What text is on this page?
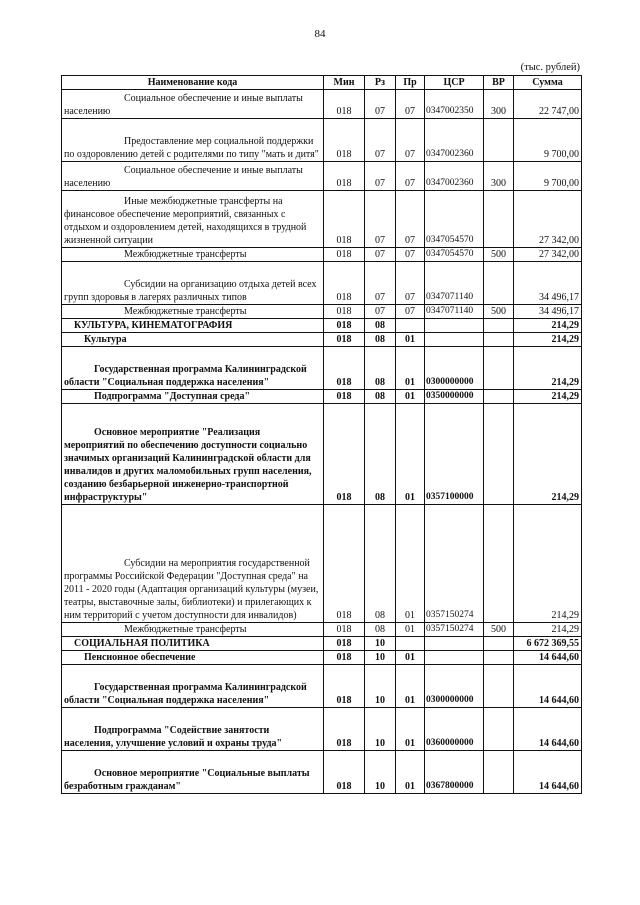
84
(тыс. рублей)
Наименование кода	Мин	Рз	Пр	ЦСР	ВР	Сумма

Социальное обеспечение и иные выплаты населению	018	07	07	0347002350	300	22 747,00

Предоставление мер социальной поддержки по оздоровлению детей с родителями по типу "мать и дитя"	018	07	07	0347002360		9 700,00

Социальное обеспечение и иные выплаты населению	018	07	07	0347002360	300	9 700,00

Иные межбюджетные трансферты на финансовое обеспечение мероприятий, связанных с отдыхом и оздоровлением детей, находящихся в трудной жизненной ситуации	018	07	07	0347054570		27 342,00

Межбюджетные трансферты	018	07	07	0347054570	500	27 342,00

Субсидии на организацию отдыха детей всех групп здоровья в лагерях различных типов	018	07	07	0347071140		34 496,17

Межбюджетные трансферты	018	07	07	0347071140	500	34 496,17

КУЛЬТУРА, КИНЕМАТОГРАФИЯ	018	08				214,29

Культура	018	08	01			214,29

Государственная программа Калининградской области "Социальная поддержка населения"	018	08	01	0300000000		214,29

Подпрограмма "Доступная среда"	018	08	01	0350000000		214,29

Основное мероприятие "Реализация мероприятий по обеспечению доступности социально значимых организаций Калининградской области для инвалидов и других маломобильных групп населения, созданию безбарьерной инженерно-транспортной инфраструктуры"	018	08	01	0357100000		214,29

Субсидии на мероприятия государственной программы Российской Федерации "Доступная среда" на 2011 - 2020 годы (Адаптация организаций культуры (музеи, театры, выставочные залы, библиотеки) и прилегающих к ним территорий с учетом доступности для инвалидов)	018	08	01	0357150274		214,29

Межбюджетные трансферты	018	08	01	0357150274	500	214,29

СОЦИАЛЬНАЯ ПОЛИТИКА	018	10				6 672 369,55

Пенсионное обеспечение	018	10	01			14 644,60

Государственная программа Калининградской области "Социальная поддержка населения"	018	10	01	0300000000		14 644,60

Подпрограмма "Содействие занятости населения, улучшение условий и охраны труда"	018	10	01	0360000000		14 644,60

Основное мероприятие "Социальные выплаты безработным гражданам"	018	10	01	0367800000		14 644,60
